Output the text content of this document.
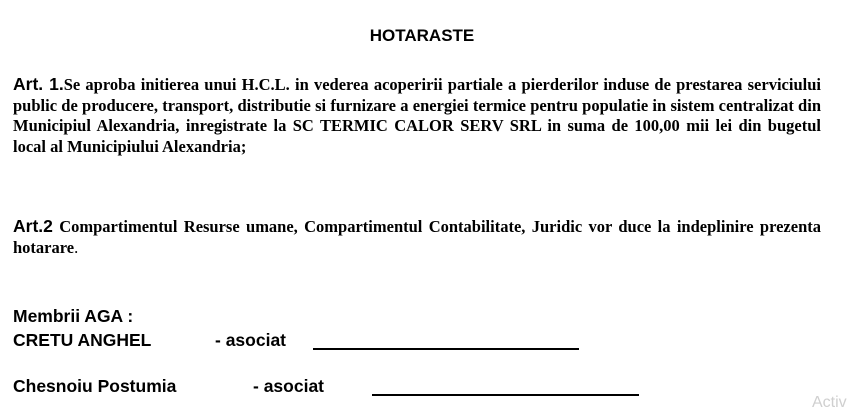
HOTARASTE
Art. 1.Se aproba initierea unui H.C.L. in vederea acoperirii partiale a pierderilor induse de prestarea serviciului public de producere, transport, distributie si furnizare a energiei termice pentru populatie in sistem centralizat din Municipiul Alexandria, inregistrate la SC TERMIC CALOR SERV SRL in suma de 100,00 mii lei din bugetul local al Municipiului Alexandria;
Art.2 Compartimentul Resurse umane, Compartimentul Contabilitate, Juridic vor duce la indeplinire prezenta hotarare.
Membrii AGA :
CRETU ANGHEL	- asociat
Chesnoiu Postumia	- asociat
Activ
